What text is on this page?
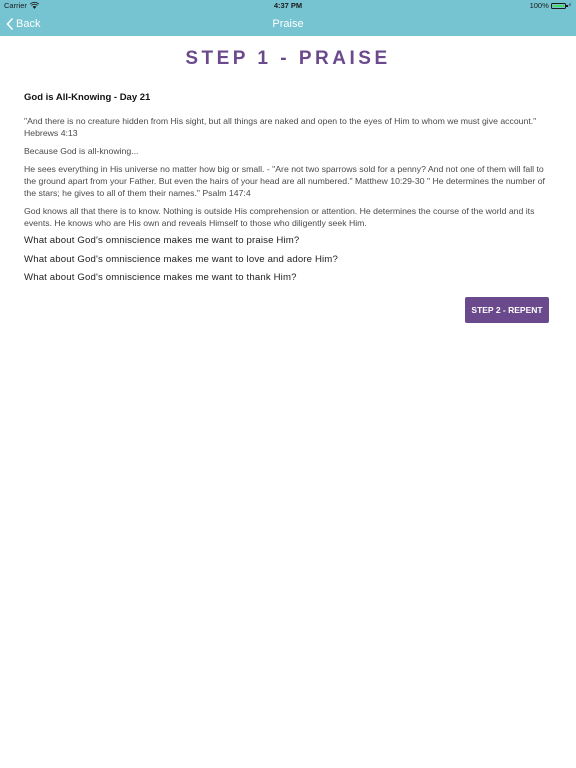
Carrier	4:37 PM	100%	⚡
Back	Praise
STEP 1 - PRAISE
God is All-Knowing - Day 21

"And there is no creature hidden from His sight, but all things are naked and open to the eyes of Him to whom we must give account." Hebrews 4:13

Because God is all-knowing...

He sees everything in His universe no matter how big or small. - "Are not two sparrows sold for a penny? And not one of them will fall to the ground apart from your Father. But even the hairs of your head are all numbered." Matthew 10:29-30 " He determines the number of the stars; he gives to all of them their names." Psalm 147:4

God knows all that there is to know. Nothing is outside His comprehension or attention. He determines the course of the world and its events. He knows who are His own and reveals Himself to those who diligently seek Him.

What about God's omniscience makes me want to praise Him?

What about God's omniscience makes me want to love and adore Him?

What about God's omniscience makes me want to thank Him?

STEP 2 - REPENT
